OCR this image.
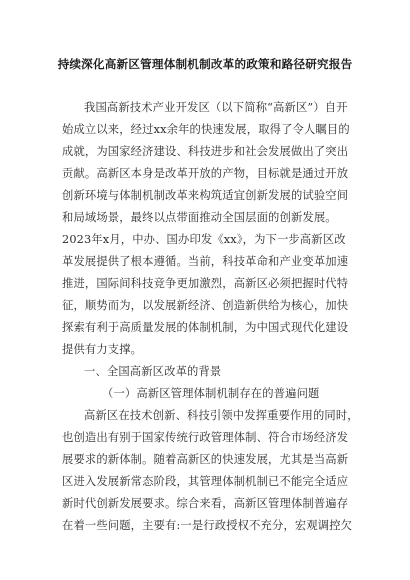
持续深化高新区管理体制机制改革的政策和路径研究报告
我国高新技术产业开发区（以下简称“高新区”）自开
始成立以来，经过xx余年的快速发展，取得了令人瞩目的
成就，为国家经济建设、科技进步和社会发展做出了突出
贡献。高新区本身是改革开放的产物，目标就是通过开放
创新环境与体制机制改革来构筑适宜创新发展的试验空间
和局域场景，最终以点带面推动全国层面的创新发展。
2023年x月，中办、国办印发《xx》，为下一步高新区改
革发展提供了根本遵循。当前，科技革命和产业变革加速
推进，国际间科技竞争更加激烈，高新区必须把握时代特
征，顺势而为，以发展新经济、创造新供给为核心，加快
探索有利于高质量发展的体制机制，为中国式现代化建设
提供有力支撑。
一、全国高新区改革的背景
（一）高新区管理体制机制存在的普遍问题
高新区在技术创新、科技引领中发挥重要作用的同时，
也创造出有别于国家传统行政管理体制、符合市场经济发
展要求的新体制。随着高新区的快速发展，尤其是当高新
区进入发展新常态阶段，其管理体制机制已不能完全适应
新时代创新发展要求。综合来看，高新区管理体制普遍存
在着一些问题，主要有:一是行政授权不充分，宏观调控欠
